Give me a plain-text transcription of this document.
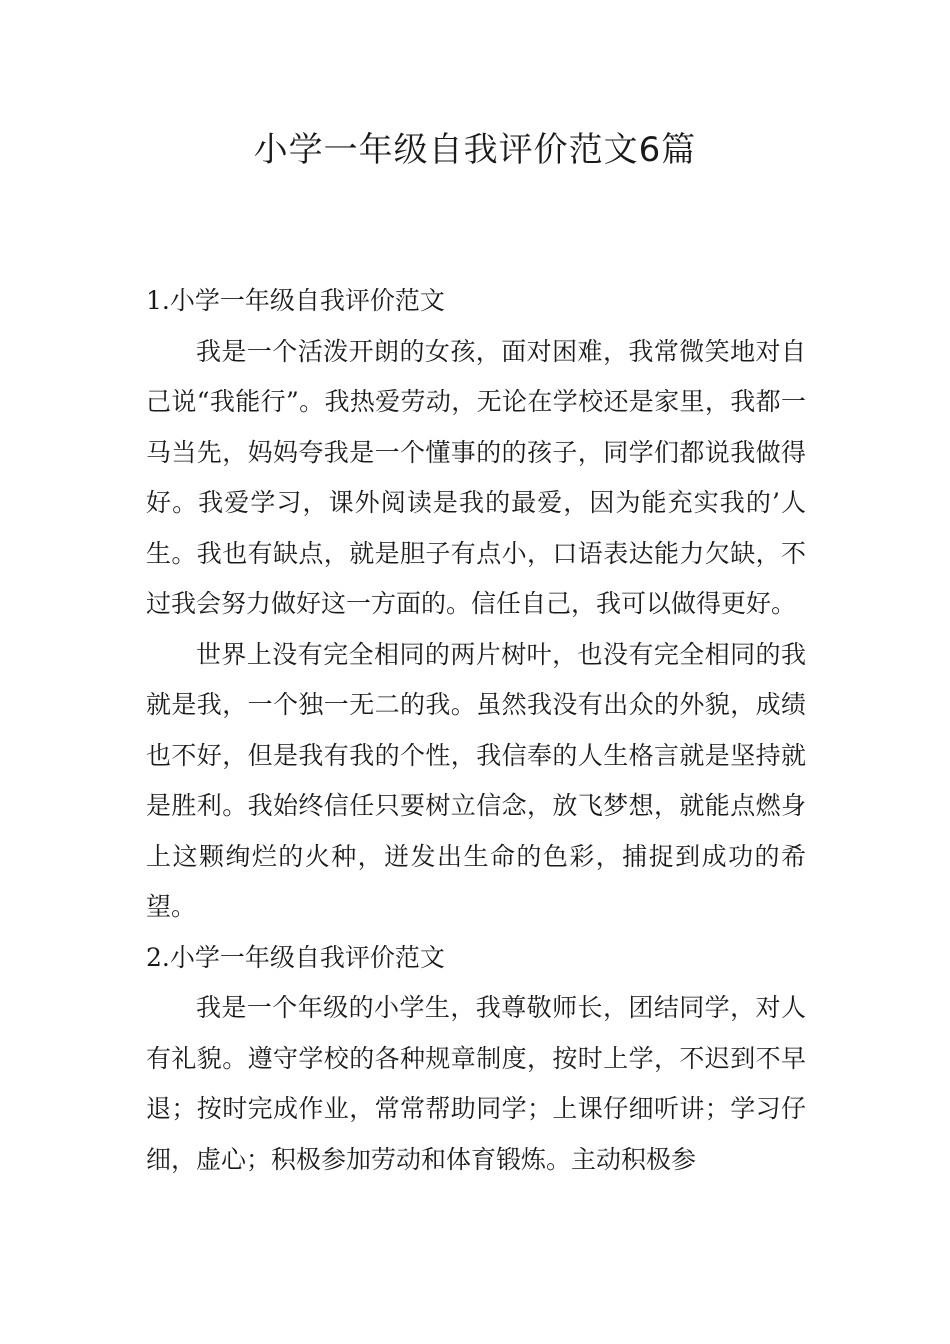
小学一年级自我评价范文6篇
1.小学一年级自我评价范文

我是一个活泼开朗的女孩，面对困难，我常微笑地对自己说“我能行”。我热爱劳动，无论在学校还是家里，我都一马当先，妈妈夸我是一个懂事的的孩子，同学们都说我做得好。我爱学习，课外阅读是我的最爱，因为能充实我的’人生。我也有缺点，就是胆子有点小，口语表达能力欠缺，不过我会努力做好这一方面的。信任自己，我可以做得更好。

世界上没有完全相同的两片树叶，也没有完全相同的我就是我，一个独一无二的我。虽然我没有出众的外貌，成绩也不好，但是我有我的个性，我信奉的人生格言就是坚持就是胜利。我始终信任只要树立信念，放飞梦想，就能点燃身上这颗绚烂的火种，迸发出生命的色彩，捕捉到成功的希望。

2.小学一年级自我评价范文

我是一个年级的小学生，我尊敬师长，团结同学，对人有礼貌。遵守学校的各种规章制度，按时上学，不迟到不早退；按时完成作业，常常帮助同学；上课仔细听讲；学习仔细，虚心；积极参加劳动和体育锻炼。主动积极参
